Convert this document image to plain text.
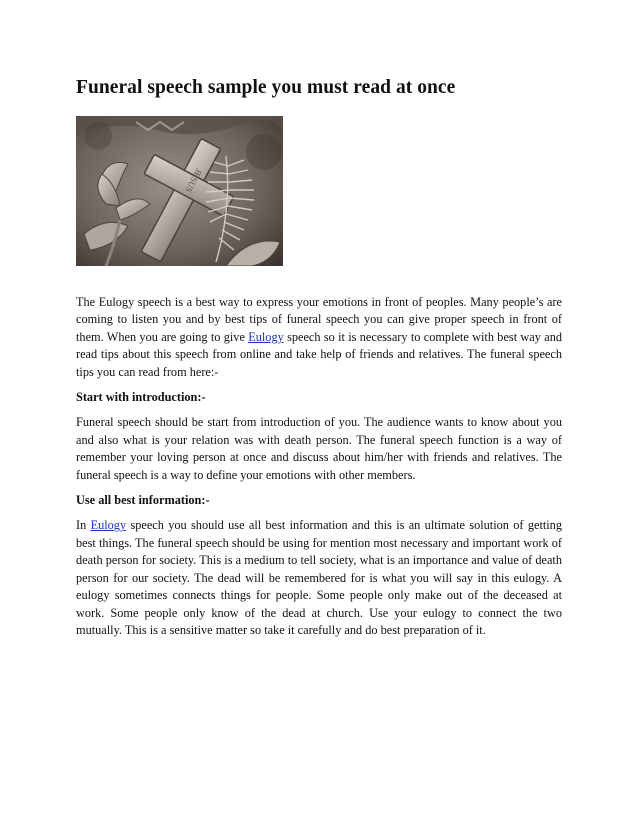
Funeral speech sample you must read at once
JESUS

The Eulogy speech is a best way to express your emotions in front of peoples. Many people’s are coming to listen you and by best tips of funeral speech you can give proper speech in front of them. When you are going to give Eulogy speech so it is necessary to complete with best way and read tips about this speech from online and take help of friends and relatives. The funeral speech tips you can read from here:-

Start with introduction:-

Funeral speech should be start from introduction of you. The audience wants to know about you and also what is your relation was with death person. The funeral speech function is a way of remember your loving person at once and discuss about him/her with friends and relatives. The funeral speech is a way to define your emotions with other members.

Use all best information:-

In Eulogy speech you should use all best information and this is an ultimate solution of getting best things. The funeral speech should be using for mention most necessary and important work of death person for society. This is a medium to tell society, what is an importance and value of death person for our society. The dead will be remembered for is what you will say in this eulogy. A eulogy sometimes connects things for people. Some people only make out of the deceased at work. Some people only know of the dead at church. Use your eulogy to connect the two mutually. This is a sensitive matter so take it carefully and do best preparation of it.
